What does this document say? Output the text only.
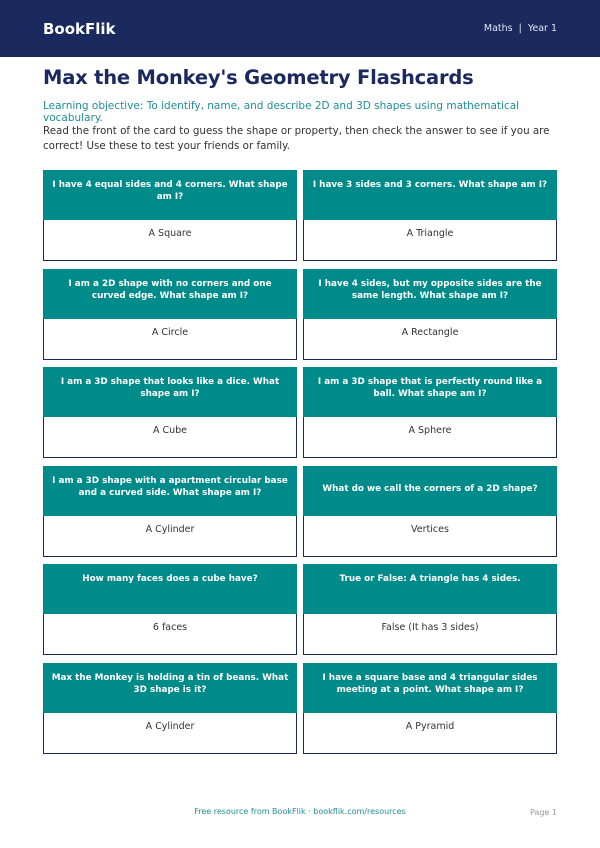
BookFlik	Maths | Year 1
Max the Monkey's Geometry Flashcards

Learning objective: To identify, name, and describe 2D and 3D shapes using mathematical vocabulary.

Read the front of the card to guess the shape or property, then check the answer to see if you are correct! Use these to test your friends or family.

I have 4 equal sides and 4 corners. What shape am I?
A Square
I have 3 sides and 3 corners. What shape am I?
A Triangle
I am a 2D shape with no corners and one curved edge. What shape am I?
A Circle
I have 4 sides, but my opposite sides are the same length. What shape am I?
A Rectangle
I am a 3D shape that looks like a dice. What shape am I?
A Cube
I am a 3D shape that is perfectly round like a ball. What shape am I?
A Sphere
I am a 3D shape with a apartment circular base and a curved side. What shape am I?
A Cylinder
What do we call the corners of a 2D shape?
Vertices
How many faces does a cube have?
6 faces
True or False: A triangle has 4 sides.
False (It has 3 sides)
Max the Monkey is holding a tin of beans. What 3D shape is it?
A Cylinder
I have a square base and 4 triangular sides meeting at a point. What shape am I?
A Pyramid
Free resource from BookFlik · bookflik.com/resources	Page 1
